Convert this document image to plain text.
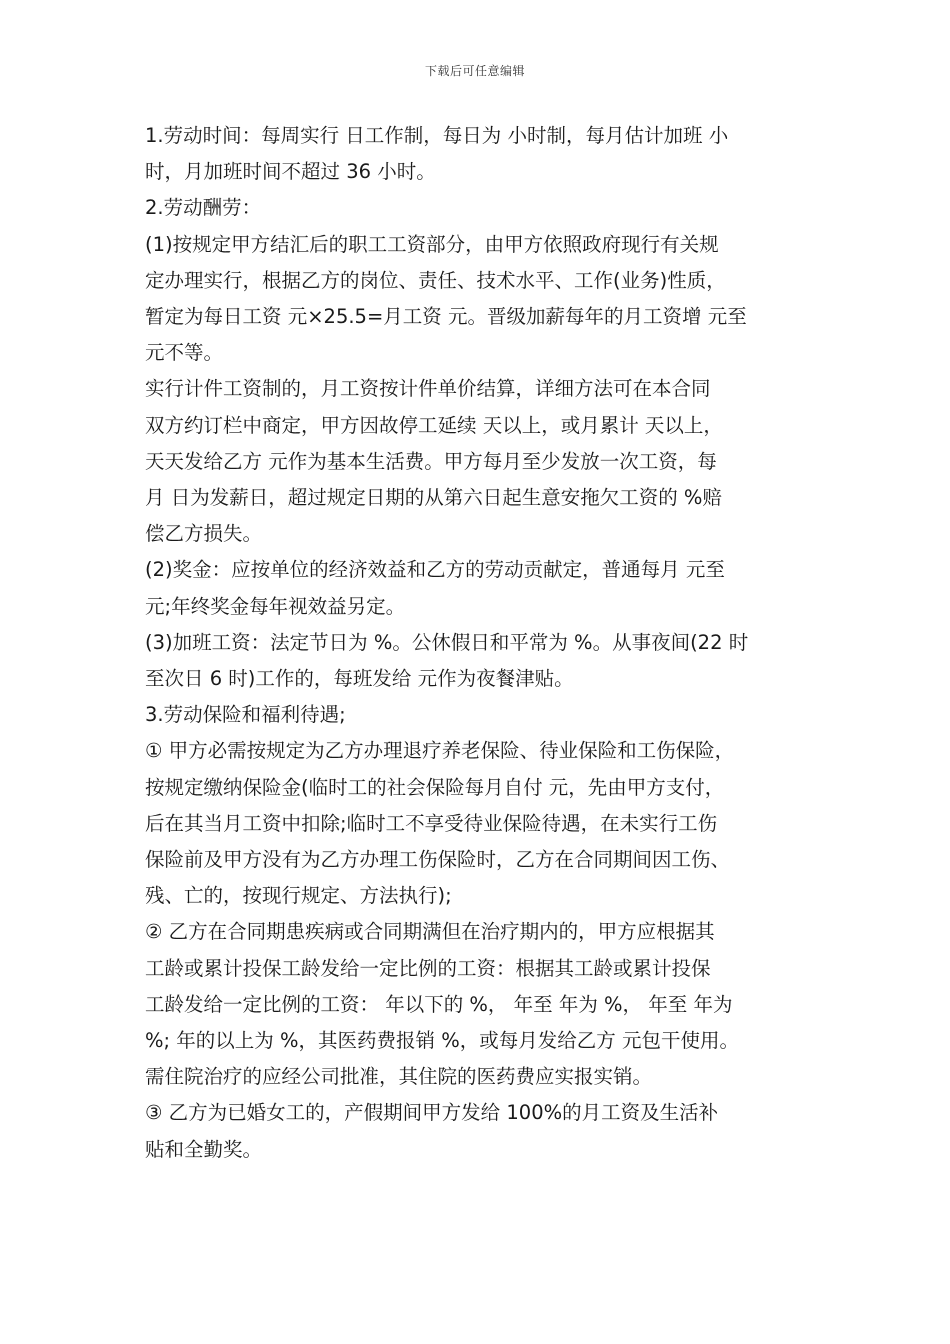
下载后可任意编辑
1.劳动时间：每周实行 日工作制，每日为 小时制，每月估计加班 小
时，月加班时间不超过 36 小时。
2.劳动酬劳：
(1)按规定甲方结汇后的职工工资部分，由甲方依照政府现行有关规
定办理实行，根据乙方的岗位、责任、技术水平、工作(业务)性质，
暂定为每日工资 元×25.5=月工资 元。晋级加薪每年的月工资增 元至
元不等。
实行计件工资制的，月工资按计件单价结算，详细方法可在本合同
双方约订栏中商定，甲方因故停工延续 天以上，或月累计 天以上，
天天发给乙方 元作为基本生活费。甲方每月至少发放一次工资，每
月 日为发薪日，超过规定日期的从第六日起生意安拖欠工资的 %赔
偿乙方损失。
(2)奖金：应按单位的经济效益和乙方的劳动贡献定，普通每月 元至
元;年终奖金每年视效益另定。
(3)加班工资：法定节日为 %。公休假日和平常为 %。从事夜间(22 时
至次日 6 时)工作的，每班发给 元作为夜餐津贴。
3.劳动保险和福利待遇;
① 甲方必需按规定为乙方办理退疗养老保险、待业保险和工伤保险，
按规定缴纳保险金(临时工的社会保险每月自付 元，先由甲方支付，
后在其当月工资中扣除;临时工不享受待业保险待遇，在未实行工伤
保险前及甲方没有为乙方办理工伤保险时，乙方在合同期间因工伤、
残、亡的，按现行规定、方法执行);
② 乙方在合同期患疾病或合同期满但在治疗期内的，甲方应根据其
工龄或累计投保工龄发给一定比例的工资：根据其工龄或累计投保
工龄发给一定比例的工资： 年以下的 %， 年至 年为 %， 年至 年为
%; 年的以上为 %，其医药费报销 %，或每月发给乙方 元包干使用。
需住院治疗的应经公司批准，其住院的医药费应实报实销。
③ 乙方为已婚女工的，产假期间甲方发给 100%的月工资及生活补
贴和全勤奖。
